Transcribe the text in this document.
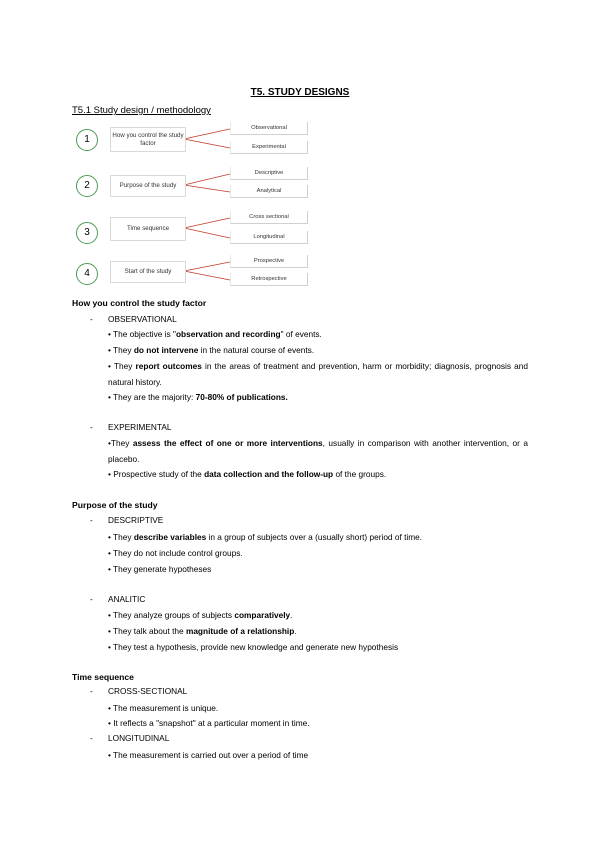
T5. STUDY DESIGNS
T5.1 Study design / methodology
1	How you control the study factor
Observational
Experimental
2	Purpose of the study
Descriptive
Analytical
3	Time sequence
Cross sectional
Longitudinal
4	Start of the study
Prospective
Retrospective
How you control the study factor
- OBSERVATIONAL
• The objective is "observation and recording" of events.
• They do not intervene in the natural course of events.
• They report outcomes in the areas of treatment and prevention, harm or morbidity; diagnosis, prognosis and natural history.
• They are the majority: 70-80% of publications.
- EXPERIMENTAL
•They assess the effect of one or more interventions, usually in comparison with another intervention, or a placebo.
• Prospective study of the data collection and the follow-up of the groups.
Purpose of the study
- DESCRIPTIVE
• They describe variables in a group of subjects over a (usually short) period of time.
• They do not include control groups.
• They generate hypotheses
- ANALITIC
• They analyze groups of subjects comparatively.
• They talk about the magnitude of a relationship.
• They test a hypothesis, provide new knowledge and generate new hypothesis
Time sequence
- CROSS-SECTIONAL
• The measurement is unique.
• It reflects a "snapshot" at a particular moment in time.
- LONGITUDINAL
• The measurement is carried out over a period of time
